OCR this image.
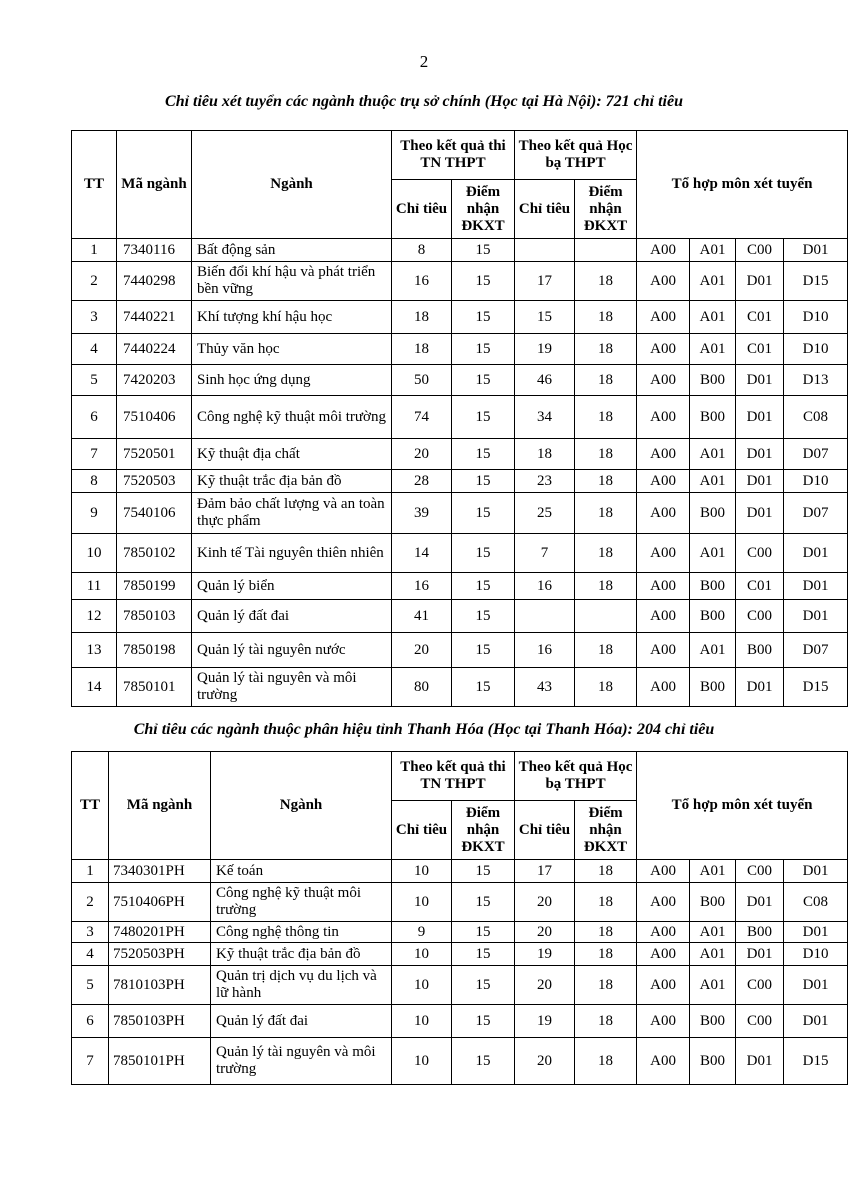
2
Chỉ tiêu xét tuyển các ngành thuộc trụ sở chính (Học tại Hà Nội): 721 chỉ tiêu
TT	Mã ngành	Ngành	Theo kết quả thi TN THPT		Theo kết quả Học bạ THPT		Tổ hợp môn xét tuyển			
			Chỉ tiêu	Điểm nhận ĐKXT	Chỉ tiêu	Điểm nhận ĐKXT				
1	7340116	Bất động sản	8	15			A00	A01	C00	D01
2	7440298	Biến đổi khí hậu và phát triển bền vững	16	15	17	18	A00	A01	D01	D15
3	7440221	Khí tượng khí hậu học	18	15	15	18	A00	A01	C01	D10
4	7440224	Thủy văn học	18	15	19	18	A00	A01	C01	D10
5	7420203	Sinh học ứng dụng	50	15	46	18	A00	B00	D01	D13
6	7510406	Công nghệ kỹ thuật môi trường	74	15	34	18	A00	B00	D01	C08
7	7520501	Kỹ thuật địa chất	20	15	18	18	A00	A01	D01	D07
8	7520503	Kỹ thuật trắc địa bản đồ	28	15	23	18	A00	A01	D01	D10
9	7540106	Đảm bảo chất lượng và an toàn thực phẩm	39	15	25	18	A00	B00	D01	D07
10	7850102	Kinh tế Tài nguyên thiên nhiên	14	15	7	18	A00	A01	C00	D01
11	7850199	Quản lý biển	16	15	16	18	A00	B00	C01	D01
12	7850103	Quản lý đất đai	41	15			A00	B00	C00	D01
13	7850198	Quản lý tài nguyên nước	20	15	16	18	A00	A01	B00	D07
14	7850101	Quản lý tài nguyên và môi trường	80	15	43	18	A00	B00	D01	D15
Chỉ tiêu các ngành thuộc phân hiệu tỉnh Thanh Hóa (Học tại Thanh Hóa): 204 chỉ tiêu
TT	Mã ngành	Ngành	Theo kết quả thi TN THPT		Theo kết quả Học bạ THPT		Tổ hợp môn xét tuyển			
			Chỉ tiêu	Điểm nhận ĐKXT	Chỉ tiêu	Điểm nhận ĐKXT				
1	7340301PH	Kế toán	10	15	17	18	A00	A01	C00	D01
2	7510406PH	Công nghệ kỹ thuật môi trường	10	15	20	18	A00	B00	D01	C08
3	7480201PH	Công nghệ thông tin	9	15	20	18	A00	A01	B00	D01
4	7520503PH	Kỹ thuật trắc địa bản đồ	10	15	19	18	A00	A01	D01	D10
5	7810103PH	Quản trị dịch vụ du lịch và lữ hành	10	15	20	18	A00	A01	C00	D01
6	7850103PH	Quản lý đất đai	10	15	19	18	A00	B00	C00	D01
7	7850101PH	Quản lý tài nguyên và môi trường	10	15	20	18	A00	B00	D01	D15
